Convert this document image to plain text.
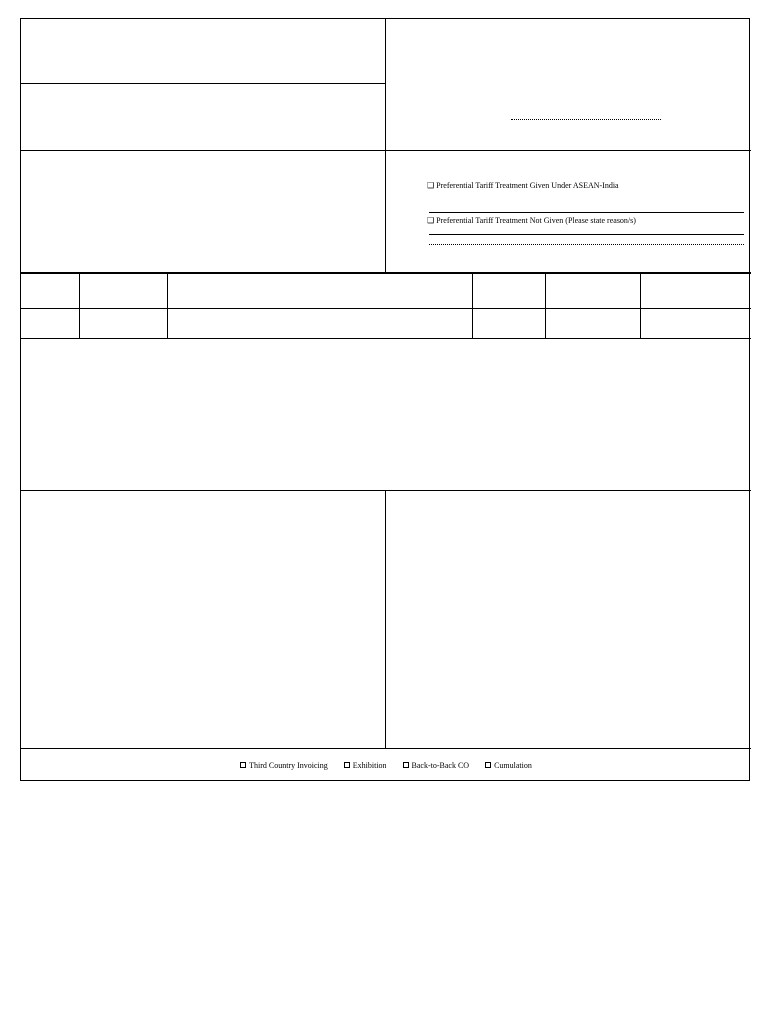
❑ Preferential Tariff Treatment Given Under ASEAN-India
❑ Preferential Tariff Treatment Not Given (Please state reason/s)
Third Country Invoicing	Exhibition	Back-to-Back CO	Cumulation
